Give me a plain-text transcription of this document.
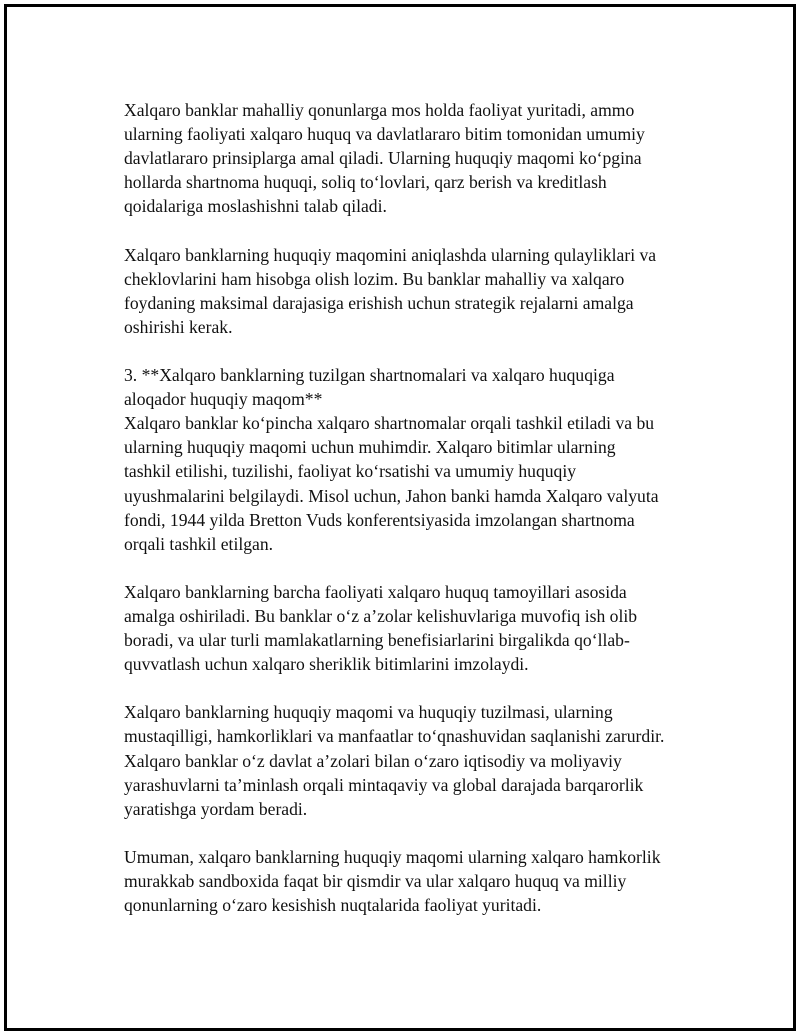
Xalqaro banklar mahalliy qonunlarga mos holda faoliyat yuritadi, ammo
ularning faoliyati xalqaro huquq va davlatlararo bitim tomonidan umumiy
davlatlararo prinsiplarga amal qiladi. Ularning huquqiy maqomi koʻpgina
hollarda shartnoma huquqi, soliq toʻlovlari, qarz berish va kreditlash
qoidalariga moslashishni talab qiladi.

Xalqaro banklarning huquqiy maqomini aniqlashda ularning qulayliklari va
cheklovlarini ham hisobga olish lozim. Bu banklar mahalliy va xalqaro
foydaning maksimal darajasiga erishish uchun strategik rejalarni amalga
oshirishi kerak.

3. **Xalqaro banklarning tuzilgan shartnomalari va xalqaro huquqiga
aloqador huquqiy maqom**

Xalqaro banklar koʻpincha xalqaro shartnomalar orqali tashkil etiladi va bu
ularning huquqiy maqomi uchun muhimdir. Xalqaro bitimlar ularning
tashkil etilishi, tuzilishi, faoliyat koʻrsatishi va umumiy huquqiy
uyushmalarini belgilaydi. Misol uchun, Jahon banki hamda Xalqaro valyuta
fondi, 1944 yilda Bretton Vuds konferentsiyasida imzolangan shartnoma
orqali tashkil etilgan.

Xalqaro banklarning barcha faoliyati xalqaro huquq tamoyillari asosida
amalga oshiriladi. Bu banklar oʻz aʼzolar kelishuvlariga muvofiq ish olib
boradi, va ular turli mamlakatlarning benefisiarlarini birgalikda qoʻllab-
quvvatlash uchun xalqaro sheriklik bitimlarini imzolaydi.

Xalqaro banklarning huquqiy maqomi va huquqiy tuzilmasi, ularning
mustaqilligi, hamkorliklari va manfaatlar toʻqnashuvidan saqlanishi zarurdir.
Xalqaro banklar oʻz davlat aʼzolari bilan oʻzaro iqtisodiy va moliyaviy
yarashuvlarni taʼminlash orqali mintaqaviy va global darajada barqarorlik
yaratishga yordam beradi.

Umuman, xalqaro banklarning huquqiy maqomi ularning xalqaro hamkorlik
murakkab sandboxida faqat bir qismdir va ular xalqaro huquq va milliy
qonunlarning oʻzaro kesishish nuqtalarida faoliyat yuritadi.
